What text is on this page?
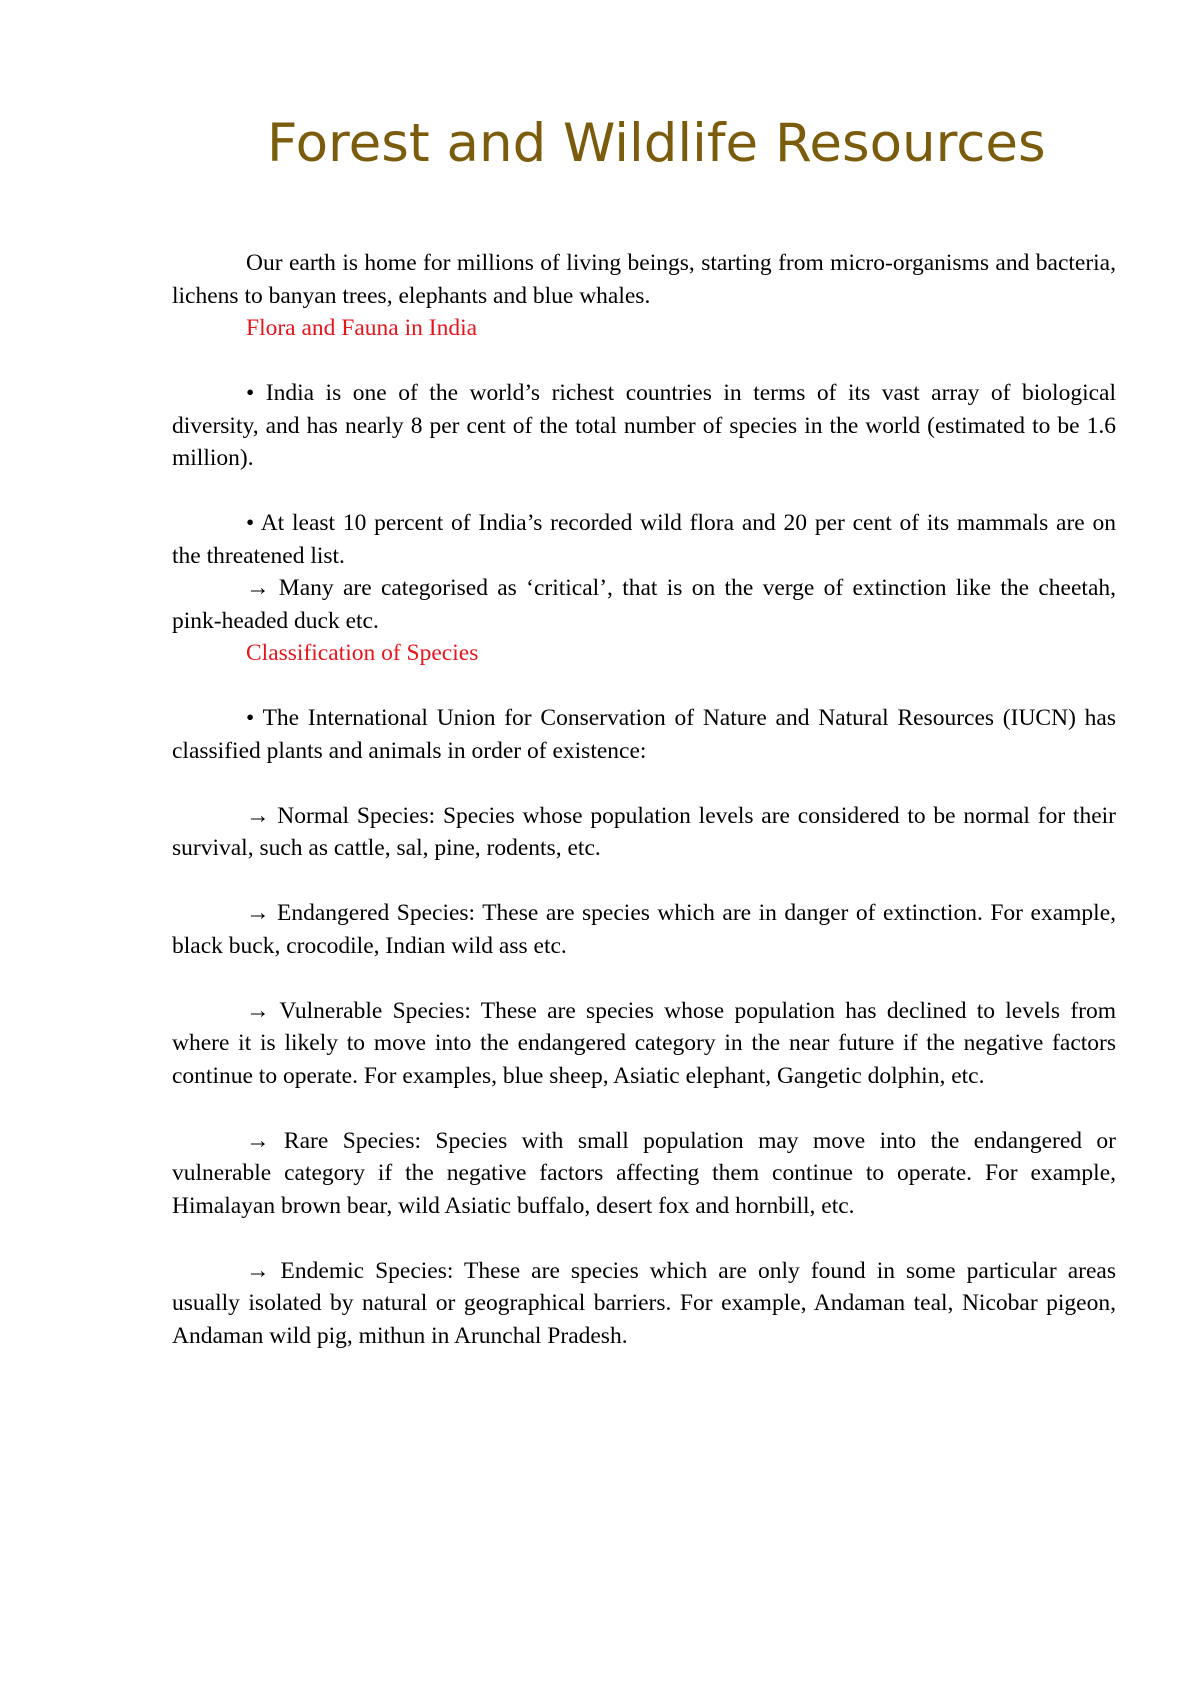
Forest and Wildlife Resources

Our earth is home for millions of living beings, starting from micro-organisms and bacteria, lichens to banyan trees, elephants and blue whales.

Flora and Fauna in India

• India is one of the world’s richest countries in terms of its vast array of biological diversity, and has nearly 8 per cent of the total number of species in the world (estimated to be 1.6 million).

• At least 10 percent of India’s recorded wild flora and 20 per cent of its mammals are on the threatened list.

→ Many are categorised as ‘critical’, that is on the verge of extinction like the cheetah, pink-headed duck etc.

Classification of Species

• The International Union for Conservation of Nature and Natural Resources (IUCN) has classified plants and animals in order of existence:

→ Normal Species: Species whose population levels are considered to be normal for their survival, such as cattle, sal, pine, rodents, etc.

→ Endangered Species: These are species which are in danger of extinction. For example, black buck, crocodile, Indian wild ass etc.

→ Vulnerable Species: These are species whose population has declined to levels from where it is likely to move into the endangered category in the near future if the negative factors continue to operate. For examples, blue sheep, Asiatic elephant, Gangetic dolphin, etc.

→ Rare Species: Species with small population may move into the endangered or vulnerable category if the negative factors affecting them continue to operate. For example, Himalayan brown bear, wild Asiatic buffalo, desert fox and hornbill, etc.

→ Endemic Species: These are species which are only found in some particular areas usually isolated by natural or geographical barriers. For example, Andaman teal, Nicobar pigeon, Andaman wild pig, mithun in Arunchal Pradesh.
